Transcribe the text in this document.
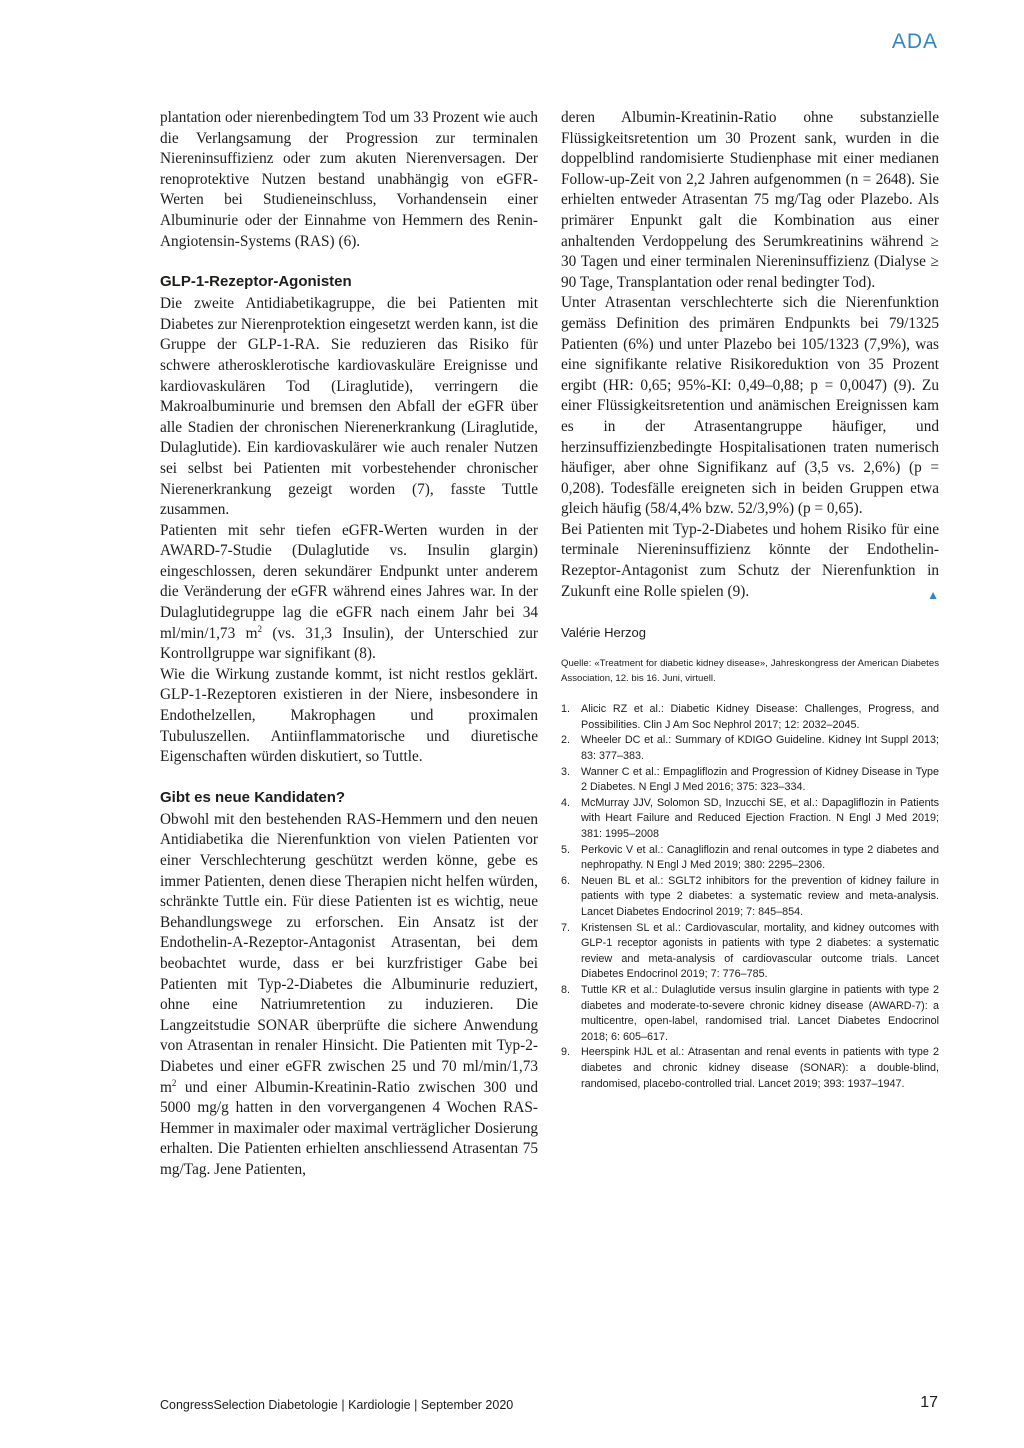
ADA

plantation oder nierenbedingtem Tod um 33 Prozent wie auch die Verlangsamung der Progression zur terminalen Niereninsuffizienz oder zum akuten Nierenversagen. Der renoprotektive Nutzen bestand unabhängig von eGFR-Werten bei Studieneinschluss, Vorhandensein einer Albuminurie oder der Einnahme von Hemmern des Renin-Angiotensin-Systems (RAS) (6).

GLP-1-Rezeptor-Agonisten

Die zweite Antidiabetikagruppe, die bei Patienten mit Diabetes zur Nierenprotektion eingesetzt werden kann, ist die Gruppe der GLP-1-RA. Sie reduzieren das Risiko für schwere atherosklerotische kardiovaskuläre Ereignisse und kardiovaskulären Tod (Liraglutide), verringern die Makroalbuminurie und bremsen den Abfall der eGFR über alle Stadien der chronischen Nierenerkrankung (Liraglutide, Dulaglutide). Ein kardiovaskulärer wie auch renaler Nutzen sei selbst bei Patienten mit vorbestehender chronischer Nierenerkrankung gezeigt worden (7), fasste Tuttle zusammen.

Patienten mit sehr tiefen eGFR-Werten wurden in der AWARD-7-Studie (Dulaglutide vs. Insulin glargin) eingeschlossen, deren sekundärer Endpunkt unter anderem die Veränderung der eGFR während eines Jahres war. In der Dulaglutidegruppe lag die eGFR nach einem Jahr bei 34 ml/min/1,73 $m^2$ (vs. 31,3 Insulin), der Unterschied zur Kontrollgruppe war signifikant (8).

Wie die Wirkung zustande kommt, ist nicht restlos geklärt. GLP-1-Rezeptoren existieren in der Niere, insbesondere in Endothelzellen, Makrophagen und proximalen Tubuluszellen. Antiinflammatorische und diuretische Eigenschaften würden diskutiert, so Tuttle.

Gibt es neue Kandidaten?

Obwohl mit den bestehenden RAS-Hemmern und den neuen Antidiabetika die Nierenfunktion von vielen Patienten vor einer Verschlechterung geschützt werden könne, gebe es immer Patienten, denen diese Therapien nicht helfen würden, schränkte Tuttle ein. Für diese Patienten ist es wichtig, neue Behandlungswege zu erforschen. Ein Ansatz ist der Endothelin-A-Rezeptor-Antagonist Atrasentan, bei dem beobachtet wurde, dass er bei kurzfristiger Gabe bei Patienten mit Typ-2-Diabetes die Albuminurie reduziert, ohne eine Natriumretention zu induzieren. Die Langzeitstudie SONAR überprüfte die sichere Anwendung von Atrasentan in renaler Hinsicht. Die Patienten mit Typ-2-Diabetes und einer eGFR zwischen 25 und 70 ml/min/1,73 $m^2$ und einer Albumin-Kreatinin-Ratio zwischen 300 und 5000 mg/g hatten in den vorvergangenen 4 Wochen RAS-Hemmer in maximaler oder maximal verträglicher Dosierung erhalten. Die Patienten erhielten anschliessend Atrasentan 75 mg/Tag. Jene Patienten,

deren Albumin-Kreatinin-Ratio ohne substanzielle Flüssigkeitsretention um 30 Prozent sank, wurden in die doppelblind randomisierte Studienphase mit einer medianen Follow-up-Zeit von 2,2 Jahren aufgenommen (n = 2648). Sie erhielten entweder Atrasentan 75 mg/Tag oder Plazebo. Als primärer Enpunkt galt die Kombination aus einer anhaltenden Verdoppelung des Serumkreatinins während ≥ 30 Tagen und einer terminalen Niereninsuffizienz (Dialyse ≥ 90 Tage, Transplantation oder renal bedingter Tod).

Unter Atrasentan verschlechterte sich die Nierenfunktion gemäss Definition des primären Endpunkts bei 79/1325 Patienten (6%) und unter Plazebo bei 105/1323 (7,9%), was eine signifikante relative Risikoreduktion von 35 Prozent ergibt (HR: 0,65; 95%-KI: 0,49–0,88; p = 0,0047) (9). Zu einer Flüssigkeitsretention und anämischen Ereignissen kam es in der Atrasentangruppe häufiger, und herzinsuffizienzbedingte Hospitalisationen traten numerisch häufiger, aber ohne Signifikanz auf (3,5 vs. 2,6%) (p = 0,208). Todesfälle ereigneten sich in beiden Gruppen etwa gleich häufig (58/4,4% bzw. 52/3,9%) (p = 0,65).

Bei Patienten mit Typ-2-Diabetes und hohem Risiko für eine terminale Niereninsuffizienz könnte der Endothelin-Rezeptor-Antagonist zum Schutz der Nierenfunktion in Zukunft eine Rolle spielen (9).	▲

Valérie Herzog
Quelle: «Treatment for diabetic kidney disease», Jahreskongress der American Diabetes Association, 12. bis 16. Juni, virtuell.
1. Alicic RZ et al.: Diabetic Kidney Disease: Challenges, Progress, and Possibilities. Clin J Am Soc Nephrol 2017; 12: 2032–2045.
2. Wheeler DC et al.: Summary of KDIGO Guideline. Kidney Int Suppl 2013; 83: 377–383.
3. Wanner C et al.: Empagliflozin and Progression of Kidney Disease in Type 2 Diabetes. N Engl J Med 2016; 375: 323–334.
4. McMurray JJV, Solomon SD, Inzucchi SE, et al.: Dapagliflozin in Patients with Heart Failure and Reduced Ejection Fraction. N Engl J Med 2019; 381: 1995–2008
5. Perkovic V et al.: Canagliflozin and renal outcomes in type 2 diabetes and nephropathy. N Engl J Med 2019; 380: 2295–2306.
6. Neuen BL et al.: SGLT2 inhibitors for the prevention of kidney failure in patients with type 2 diabetes: a systematic review and meta-analysis. Lancet Diabetes Endocrinol 2019; 7: 845–854.
7. Kristensen SL et al.: Cardiovascular, mortality, and kidney outcomes with GLP-1 receptor agonists in patients with type 2 diabetes: a systematic review and meta-analysis of cardiovascular outcome trials. Lancet Diabetes Endocrinol 2019; 7: 776–785.
8. Tuttle KR et al.: Dulaglutide versus insulin glargine in patients with type 2 diabetes and moderate-to-severe chronic kidney disease (AWARD-7): a multicentre, open-label, randomised trial. Lancet Diabetes Endocrinol 2018; 6: 605–617.
9. Heerspink HJL et al.: Atrasentan and renal events in patients with type 2 diabetes and chronic kidney disease (SONAR): a double-blind, randomised, placebo-controlled trial. Lancet 2019; 393: 1937–1947.
CongressSelection Diabetologie | Kardiologie | September 2020	17
